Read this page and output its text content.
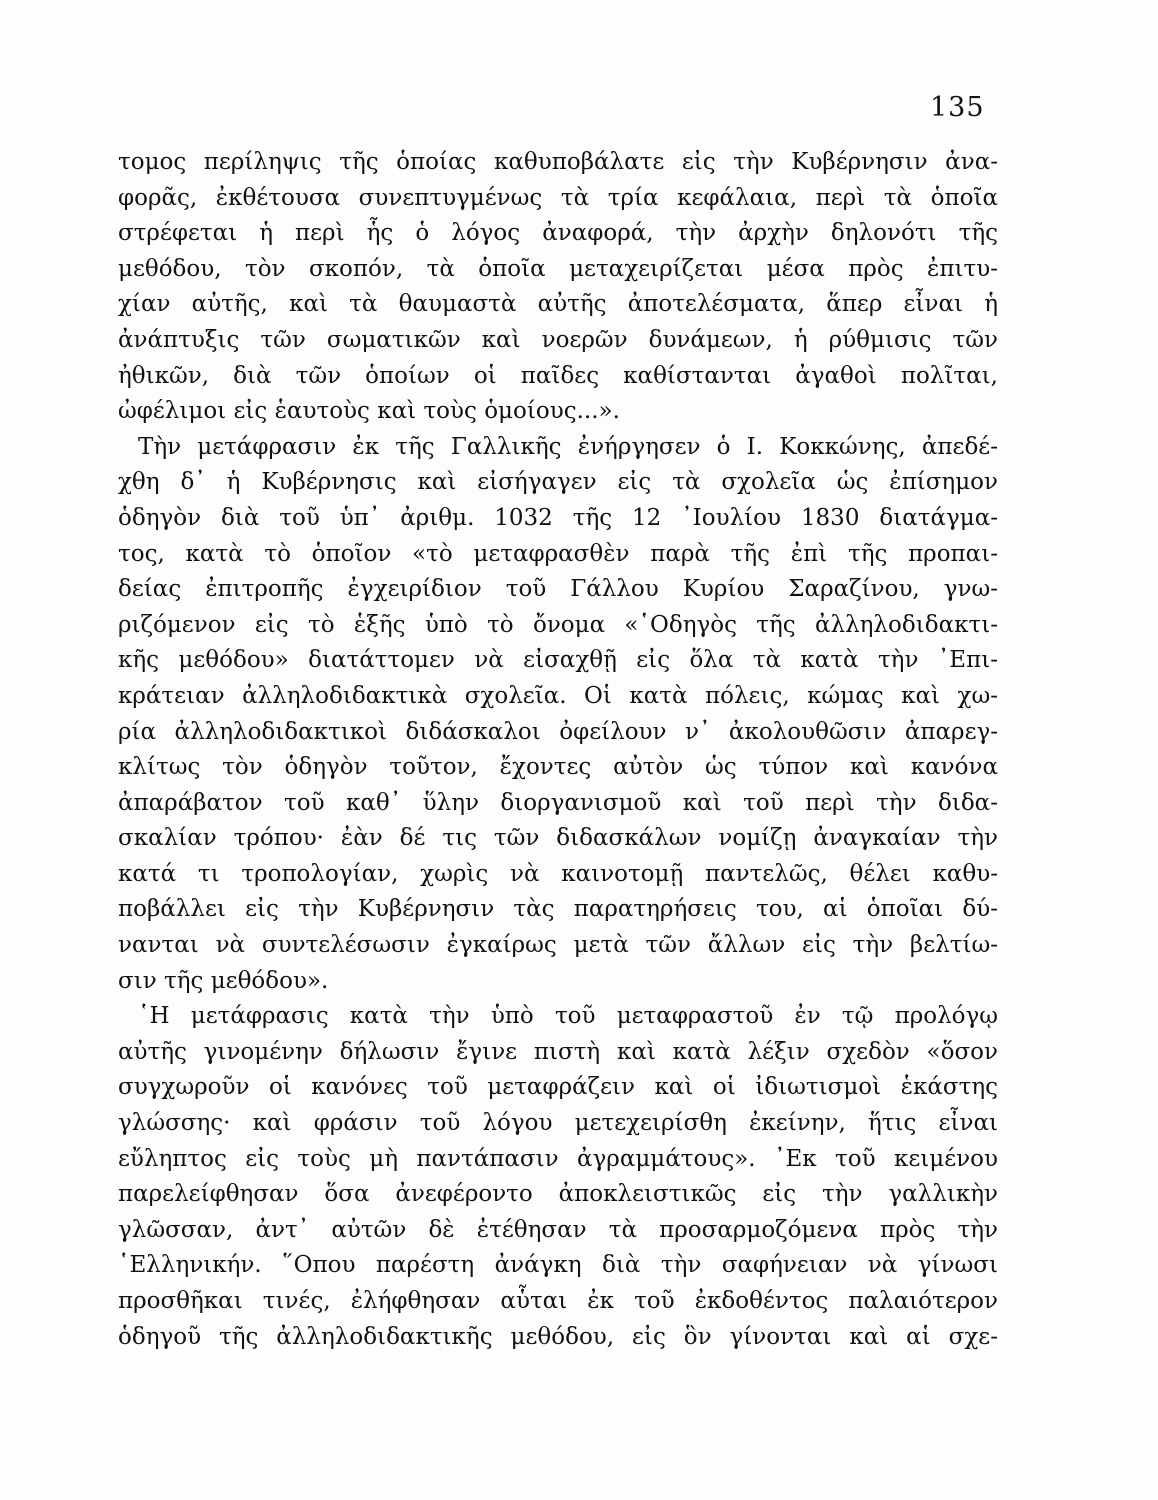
135
τομος περίληψις τῆς ὁποίας καθυποβάλατε εἰς τὴν Κυβέρνησιν ἀνα-
φορᾶς, ἐκθέτουσα συνεπτυγμένως τὰ τρία κεφάλαια, περὶ τὰ ὁποῖα
στρέφεται ἡ περὶ ἧς ὁ λόγος ἀναφορά, τὴν ἀρχὴν δηλονότι τῆς
μεθόδου, τὸν σκοπόν, τὰ ὁποῖα μεταχειρίζεται μέσα πρὸς ἐπιτυ-
χίαν αὐτῆς, καὶ τὰ θαυμαστὰ αὐτῆς ἀποτελέσματα, ἅπερ εἶναι ἡ
ἀνάπτυξις τῶν σωματικῶν καὶ νοερῶν δυνάμεων, ἡ ρύθμισις τῶν
ἠθικῶν, διὰ τῶν ὁποίων οἱ παῖδες καθίστανται ἀγαθοὶ πολῖται,
ὠφέλιμοι εἰς ἑαυτοὺς καὶ τοὺς ὁμοίους...».
Τὴν μετάφρασιν ἐκ τῆς Γαλλικῆς ἐνήργησεν ὁ Ι. Κοκκώνης, ἀπεδέ-
χθη δ᾽ ἡ Κυβέρνησις καὶ εἰσήγαγεν εἰς τὰ σχολεῖα ὡς ἐπίσημον
ὁδηγὸν διὰ τοῦ ὑπ᾽ ἀριθμ. 1032 τῆς 12 ᾽Ιουλίου 1830 διατάγμα-
τος, κατὰ τὸ ὁποῖον «τὸ μεταφρασθὲν παρὰ τῆς ἐπὶ τῆς προπαι-
δείας ἐπιτροπῆς ἐγχειρίδιον τοῦ Γάλλου Κυρίου Σαραζίνου, γνω-
ριζόμενον εἰς τὸ ἑξῆς ὑπὸ τὸ ὄνομα «῾Οδηγὸς τῆς ἀλληλοδιδακτι-
κῆς μεθόδου» διατάττομεν νὰ εἰσαχθῇ εἰς ὅλα τὰ κατὰ τὴν ᾽Επι-
κράτειαν ἀλληλοδιδακτικὰ σχολεῖα. Οἱ κατὰ πόλεις, κώμας καὶ χω-
ρία ἀλληλοδιδακτικοὶ διδάσκαλοι ὀφείλουν ν᾽ ἀκολουθῶσιν ἀπαρεγ-
κλίτως τὸν ὁδηγὸν τοῦτον, ἔχοντες αὐτὸν ὡς τύπον καὶ κανόνα
ἀπαράβατον τοῦ καθ᾽ ὕλην διοργανισμοῦ καὶ τοῦ περὶ τὴν διδα-
σκαλίαν τρόπου· ἐὰν δέ τις τῶν διδασκάλων νομίζῃ ἀναγκαίαν τὴν
κατά τι τροπολογίαν, χωρὶς νὰ καινοτομῇ παντελῶς, θέλει καθυ-
ποβάλλει εἰς τὴν Κυβέρνησιν τὰς παρατηρήσεις του, αἱ ὁποῖαι δύ-
νανται νὰ συντελέσωσιν ἐγκαίρως μετὰ τῶν ἄλλων εἰς τὴν βελτίω-
σιν τῆς μεθόδου».
῾Η μετάφρασις κατὰ τὴν ὑπὸ τοῦ μεταφραστοῦ ἐν τῷ προλόγῳ
αὐτῆς γινομένην δήλωσιν ἔγινε πιστὴ καὶ κατὰ λέξιν σχεδὸν «ὅσον
συγχωροῦν οἱ κανόνες τοῦ μεταφράζειν καὶ οἱ ἰδιωτισμοὶ ἑκάστης
γλώσσης· καὶ φράσιν τοῦ λόγου μετεχειρίσθη ἐκείνην, ἥτις εἶναι
εὔληπτος εἰς τοὺς μὴ παντάπασιν ἀγραμμάτους». ᾽Εκ τοῦ κειμένου
παρελείφθησαν ὅσα ἀνεφέροντο ἀποκλειστικῶς εἰς τὴν γαλλικὴν
γλῶσσαν, ἀντ᾽ αὐτῶν δὲ ἐτέθησαν τὰ προσαρμοζόμενα πρὸς τὴν
῾Ελληνικήν. ῞Οπου παρέστη ἀνάγκη διὰ τὴν σαφήνειαν νὰ γίνωσι
προσθῆκαι τινές, ἐλήφθησαν αὗται ἐκ τοῦ ἐκδοθέντος παλαιότερον
ὁδηγοῦ τῆς ἀλληλοδιδακτικῆς μεθόδου, εἰς ὃν γίνονται καὶ αἱ σχε-
